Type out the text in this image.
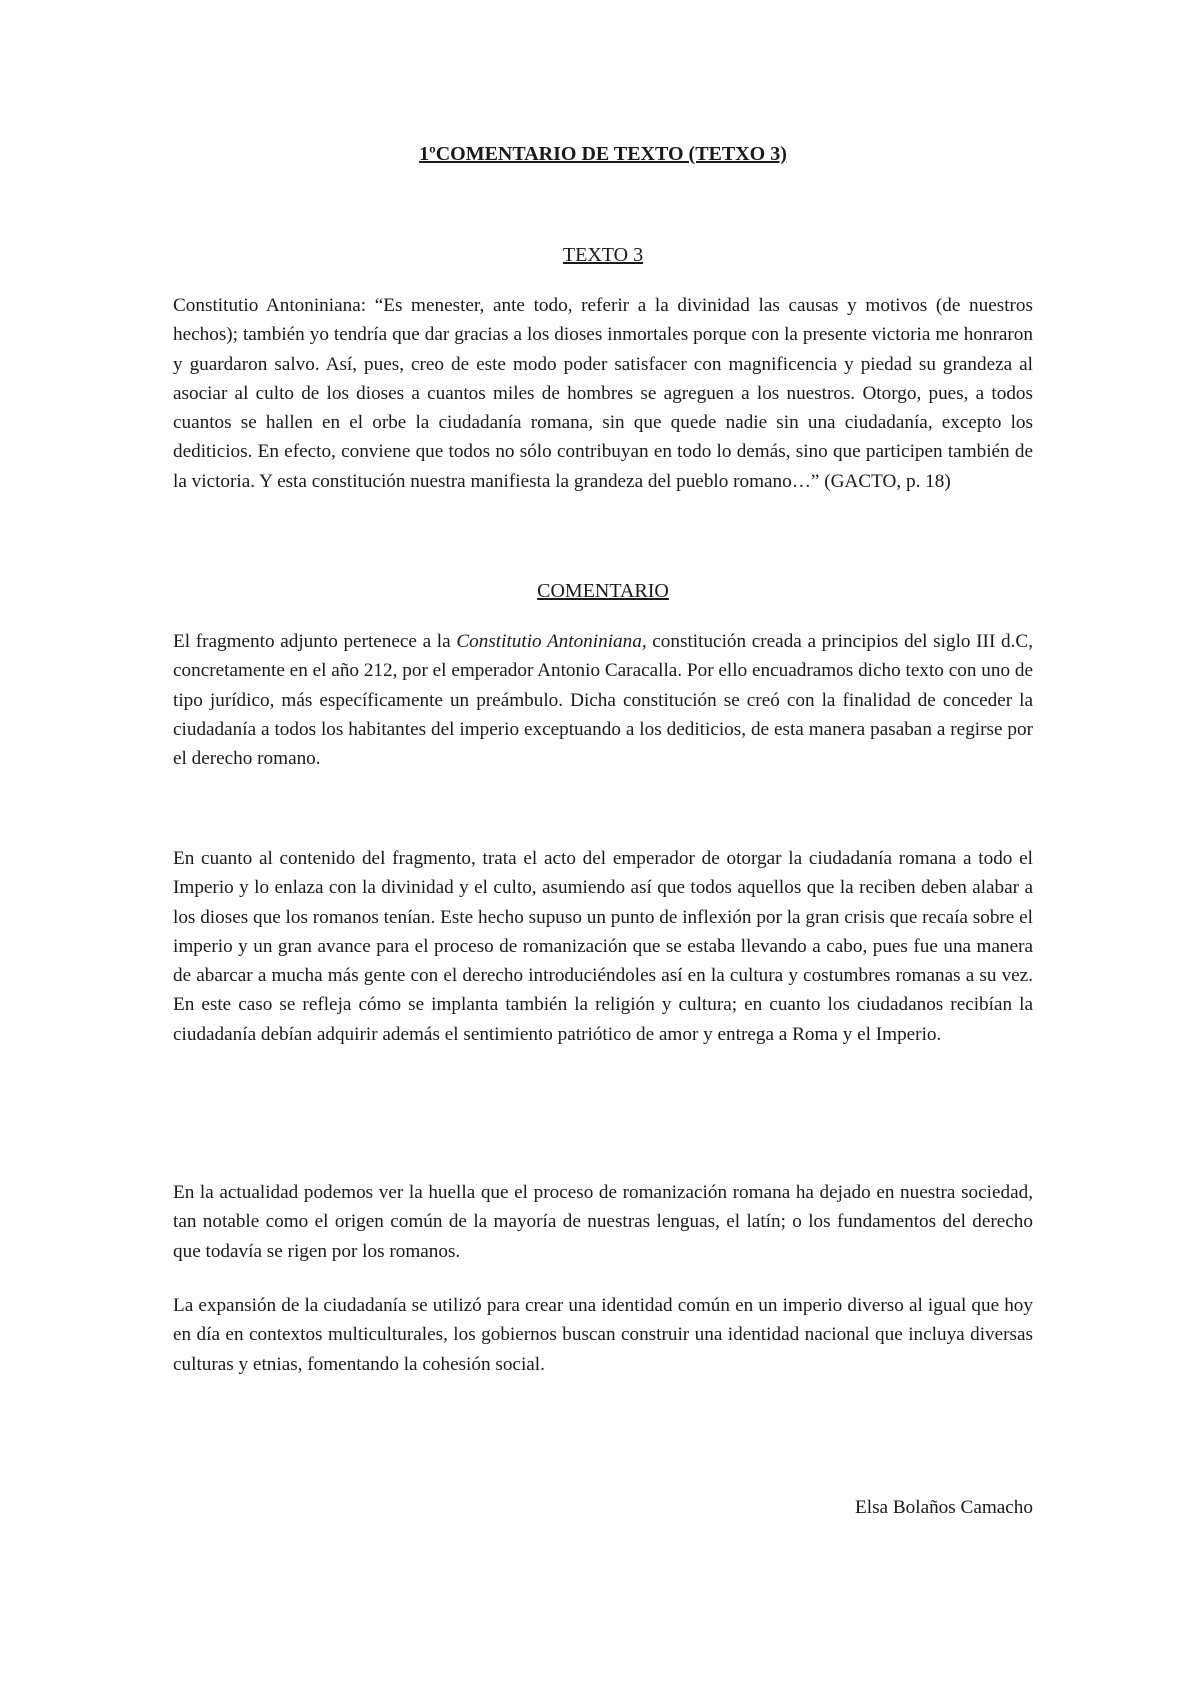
1ºCOMENTARIO DE TEXTO (TETXO 3)
TEXTO 3

Constitutio Antoniniana: “Es menester, ante todo, referir a la divinidad las causas y motivos (de nuestros hechos); también yo tendría que dar gracias a los dioses inmortales porque con la presente victoria me honraron y guardaron salvo. Así, pues, creo de este modo poder satisfacer con magnificencia y piedad su grandeza al asociar al culto de los dioses a cuantos miles de hombres se agreguen a los nuestros. Otorgo, pues, a todos cuantos se hallen en el orbe la ciudadanía romana, sin que quede nadie sin una ciudadanía, excepto los dediticios. En efecto, conviene que todos no sólo contribuyan en todo lo demás, sino que participen también de la victoria. Y esta constitución nuestra manifiesta la grandeza del pueblo romano…” (GACTO, p. 18)

COMENTARIO

El fragmento adjunto pertenece a la Constitutio Antoniniana, constitución creada a principios del siglo III d.C, concretamente en el año 212, por el emperador Antonio Caracalla. Por ello encuadramos dicho texto con uno de tipo jurídico, más específicamente un preámbulo. Dicha constitución se creó con la finalidad de conceder la ciudadanía a todos los habitantes del imperio exceptuando a los dediticios, de esta manera pasaban a regirse por el derecho romano.

En cuanto al contenido del fragmento, trata el acto del emperador de otorgar la ciudadanía romana a todo el Imperio y lo enlaza con la divinidad y el culto, asumiendo así que todos aquellos que la reciben deben alabar a los dioses que los romanos tenían. Este hecho supuso un punto de inflexión por la gran crisis que recaía sobre el imperio y un gran avance para el proceso de romanización que se estaba llevando a cabo, pues fue una manera de abarcar a mucha más gente con el derecho introduciéndoles así en la cultura y costumbres romanas a su vez. En este caso se refleja cómo se implanta también la religión y cultura; en cuanto los ciudadanos recibían la ciudadanía debían adquirir además el sentimiento patriótico de amor y entrega a Roma y el Imperio.

En la actualidad podemos ver la huella que el proceso de romanización romana ha dejado en nuestra sociedad, tan notable como el origen común de la mayoría de nuestras lenguas, el latín; o los fundamentos del derecho que todavía se rigen por los romanos.

La expansión de la ciudadanía se utilizó para crear una identidad común en un imperio diverso al igual que hoy en día en contextos multiculturales, los gobiernos buscan construir una identidad nacional que incluya diversas culturas y etnias, fomentando la cohesión social.

Elsa Bolaños Camacho
